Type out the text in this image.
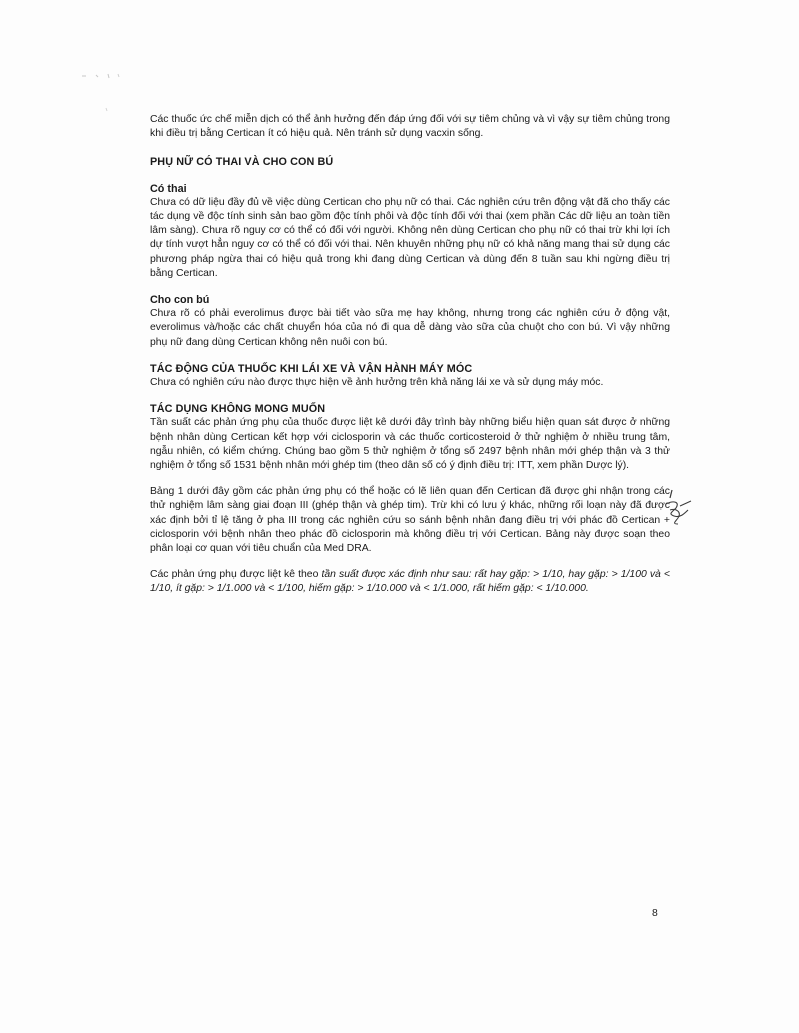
Các thuốc ức chế miễn dịch có thể ảnh hưởng đến đáp ứng đối với sự tiêm chủng và vì vậy sự tiêm chủng trong khi điều trị bằng Certican ít có hiệu quả. Nên tránh sử dụng vacxin sống.

PHỤ NỮ CÓ THAI VÀ CHO CON BÚ

Có thai

Chưa có dữ liệu đầy đủ về việc dùng Certican cho phụ nữ có thai. Các nghiên cứu trên động vật đã cho thấy các tác dụng về độc tính sinh sản bao gồm độc tính phôi và độc tính đối với thai (xem phần Các dữ liệu an toàn tiền lâm sàng). Chưa rõ nguy cơ có thể có đối với người. Không nên dùng Certican cho phụ nữ có thai trừ khi lợi ích dự tính vượt hẳn nguy cơ có thể có đối với thai. Nên khuyên những phụ nữ có khả năng mang thai sử dụng các phương pháp ngừa thai có hiệu quả trong khi đang dùng Certican và dùng đến 8 tuần sau khi ngừng điều trị bằng Certican.

Cho con bú

Chưa rõ có phải everolimus được bài tiết vào sữa mẹ hay không, nhưng trong các nghiên cứu ở động vật, everolimus và/hoặc các chất chuyển hóa của nó đi qua dễ dàng vào sữa của chuột cho con bú. Vì vậy những phụ nữ đang dùng Certican không nên nuôi con bú.

TÁC ĐỘNG CỦA THUỐC KHI LÁI XE VÀ VẬN HÀNH MÁY MÓC

Chưa có nghiên cứu nào được thực hiện về ảnh hưởng trên khả năng lái xe và sử dụng máy móc.

TÁC DỤNG KHÔNG MONG MUỐN

Tần suất các phản ứng phụ của thuốc được liệt kê dưới đây trình bày những biểu hiện quan sát được ở những bệnh nhân dùng Certican kết hợp với ciclosporin và các thuốc corticosteroid ở thử nghiệm ở nhiều trung tâm, ngẫu nhiên, có kiểm chứng. Chúng bao gồm 5 thử nghiệm ở tổng số 2497 bệnh nhân mới ghép thận và 3 thử nghiệm ở tổng số 1531 bệnh nhân mới ghép tim (theo dân số có ý định điều trị: ITT, xem phần Dược lý).

Bảng 1 dưới đây gồm các phản ứng phụ có thể hoặc có lẽ liên quan đến Certican đã được ghi nhận trong các thử nghiệm lâm sàng giai đoạn III (ghép thận và ghép tim). Trừ khi có lưu ý khác, những rối loạn này đã được xác định bởi tỉ lệ tăng ở pha III trong các nghiên cứu so sánh bệnh nhân đang điều trị với phác đồ Certican + ciclosporin với bệnh nhân theo phác đồ ciclosporin mà không điều trị với Certican. Bảng này được soạn theo phân loại cơ quan với tiêu chuẩn của Med DRA.

Các phản ứng phụ được liệt kê theo tần suất được xác định như sau: rất hay gặp: > 1/10, hay gặp: > 1/100 và < 1/10, ít gặp: > 1/1.000 và < 1/100, hiếm gặp: > 1/10.000 và < 1/1.000, rất hiếm gặp: < 1/10.000.

8
